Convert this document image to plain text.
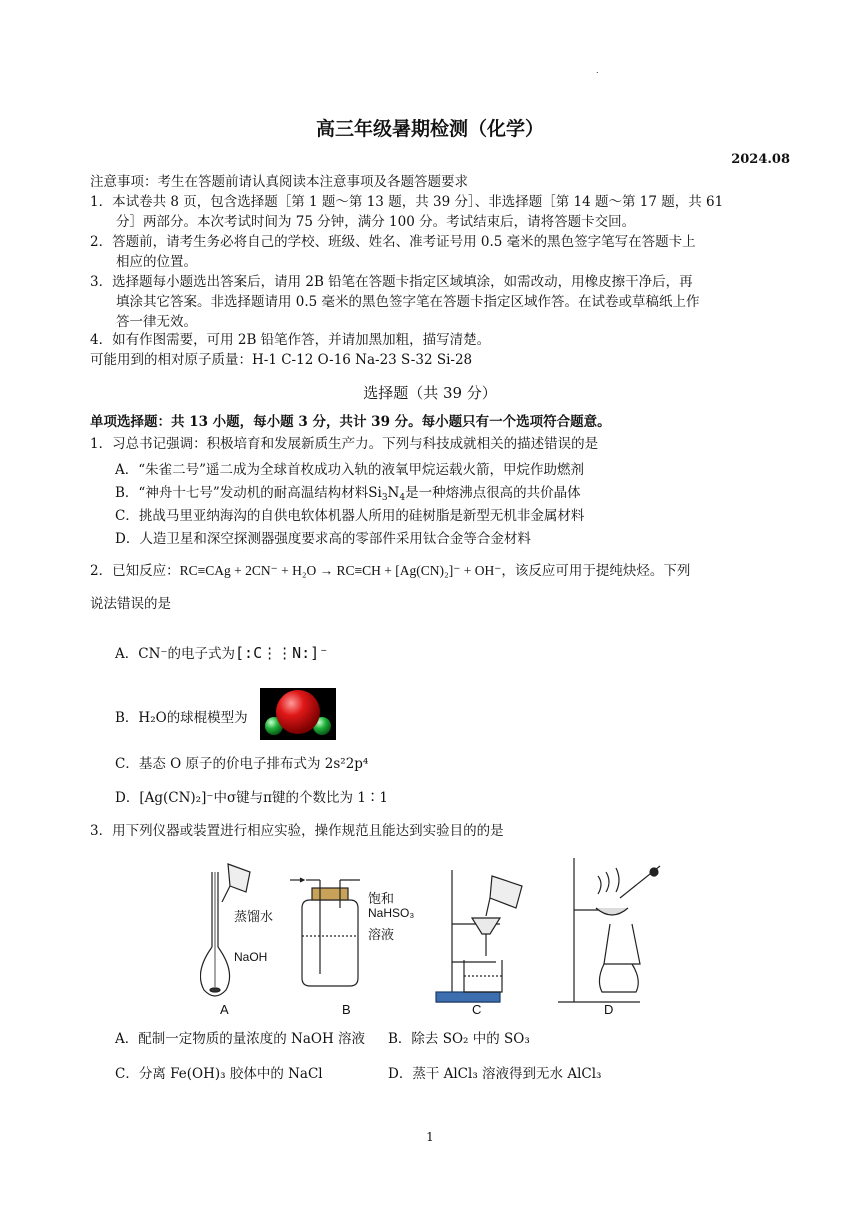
.
高三年级暑期检测（化学）
2024.08
注意事项：考生在答题前请认真阅读本注意事项及各题答题要求
1．本试卷共 8 页，包含选择题［第 1 题～第 13 题，共 39 分］、非选择题［第 14 题～第 17 题，共 61
分］两部分。本次考试时间为 75 分钟，满分 100 分。考试结束后，请将答题卡交回。
2．答题前，请考生务必将自己的学校、班级、姓名、准考证号用 0.5 毫米的黑色签字笔写在答题卡上
相应的位置。
3．选择题每小题选出答案后，请用 2B 铅笔在答题卡指定区域填涂，如需改动，用橡皮擦干净后，再
填涂其它答案。非选择题请用 0.5 毫米的黑色签字笔在答题卡指定区域作答。在试卷或草稿纸上作
答一律无效。
4．如有作图需要，可用 2B 铅笔作答，并请加黑加粗，描写清楚。
可能用到的相对原子质量：H-1 C-12 O-16 Na-23 S-32 Si-28
选择题（共 39 分）
单项选择题：共 13 小题，每小题 3 分，共计 39 分。每小题只有一个选项符合题意。
1．习总书记强调：积极培育和发展新质生产力。下列与科技成就相关的描述错误的是
A．“朱雀二号”遥二成为全球首枚成功入轨的液氧甲烷运载火箭，甲烷作助燃剂
B．“神舟十七号”发动机的耐高温结构材料$Si_3N_4$是一种熔沸点很高的共价晶体
C．挑战马里亚纳海沟的自供电软体机器人所用的硅树脂是新型无机非金属材料
D．人造卫星和深空探测器强度要求高的零部件采用钛合金等合金材料
2．已知反应：RC≡CAg + 2CN⁻ + H₂O → RC≡CH + [Ag(CN)₂]⁻ + OH⁻，该反应可用于提纯炔烃。下列
说法错误的是
A．CN⁻的电子式为[:C⋮⋮N:]⁻
B．H₂O的球棍模型为
C．基态 O 原子的价电子排布式为 2s²2p⁴
D．[Ag(CN)₂]⁻中σ键与π键的个数比为 1∶1
3．用下列仪器或装置进行相应实验，操作规范且能达到实验目的的是
蒸馏水
NaOH
饱和
NaHSO₃
溶液
A	B	C	D
A．配制一定物质的量浓度的 NaOH 溶液 B．除去 SO₂ 中的 SO₃
C．分离 Fe(OH)₃ 胶体中的 NaCl	D．蒸干 AlCl₃ 溶液得到无水 AlCl₃
1
